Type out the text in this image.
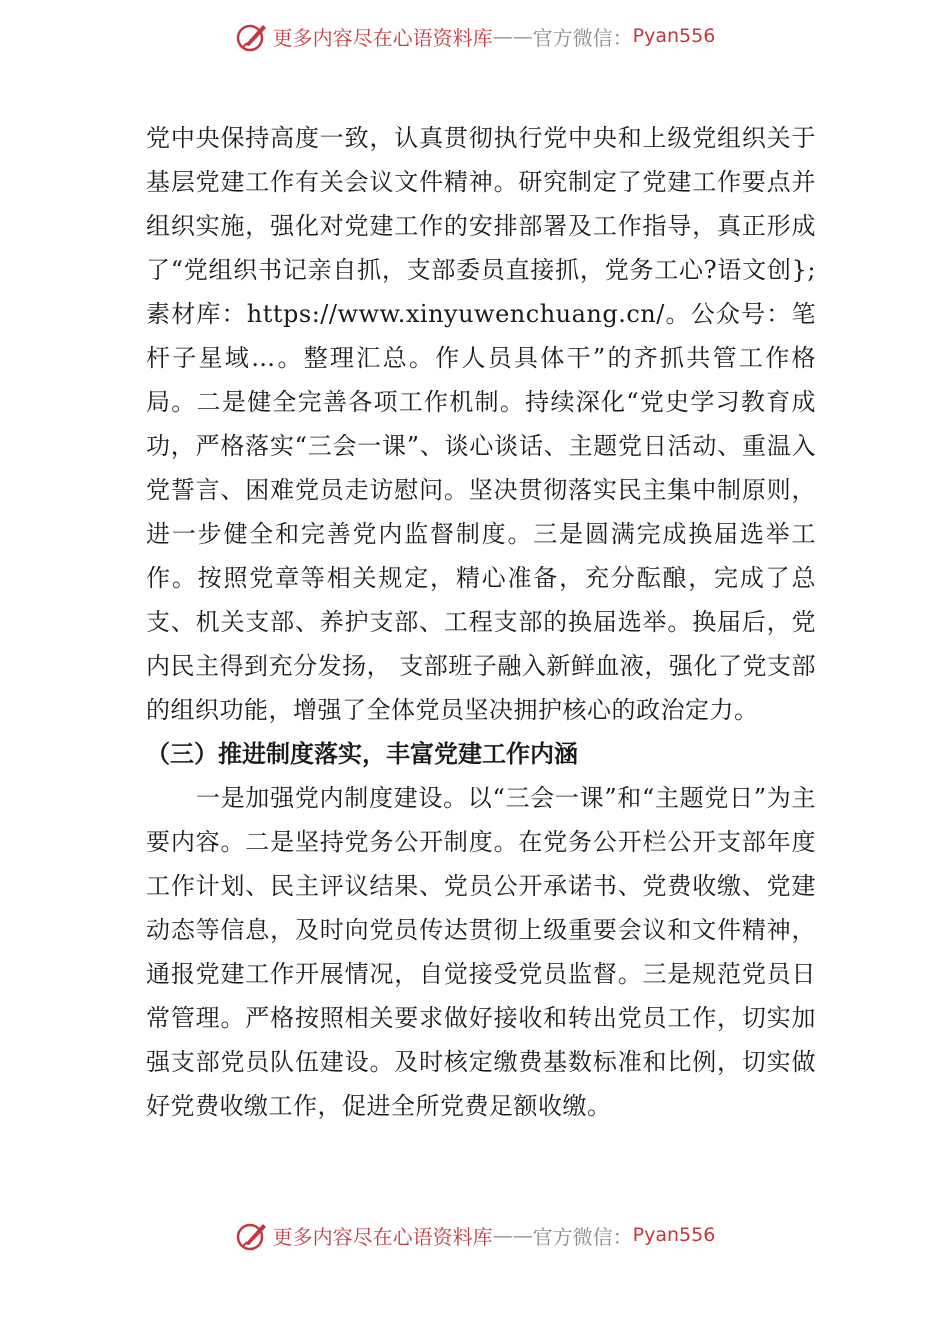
更多内容尽在心语资料库 —— 官方微信： Pyan556

党中央保持高度一致，认真贯彻执行党中央和上级党组织关于基层党建工作有关会议文件精神。研究制定了党建工作要点并组织实施，强化对党建工作的安排部署及工作指导，真正形成了“党组织书记亲自抓，支部委员直接抓，党务工心?语文创};素材库：https://www.xinyuwenchuang.cn/。公众号：笔杆子星域…。整理汇总。作人员具体干”的齐抓共管工作格局。二是健全完善各项工作机制。持续深化“党史学习教育成功，严格落实“三会一课”、谈心谈话、主题党日活动、重温入党誓言、困难党员走访慰问。坚决贯彻落实民主集中制原则，进一步健全和完善党内监督制度。三是圆满完成换届选举工作。按照党章等相关规定，精心准备，充分酝酿，完成了总支、机关支部、养护支部、工程支部的换届选举。换届后，党内民主得到充分发扬， 支部班子融入新鲜血液，强化了党支部的组织功能，增强了全体党员坚决拥护核心的政治定力。

（三）推进制度落实，丰富党建工作内涵

一是加强党内制度建设。以“三会一课”和“主题党日”为主要内容。二是坚持党务公开制度。在党务公开栏公开支部年度工作计划、民主评议结果、党员公开承诺书、党费收缴、党建动态等信息，及时向党员传达贯彻上级重要会议和文件精神，通报党建工作开展情况，自觉接受党员监督。三是规范党员日常管理。严格按照相关要求做好接收和转出党员工作，切实加强支部党员队伍建设。及时核定缴费基数标准和比例，切实做好党费收缴工作，促进全所党费足额收缴。

更多内容尽在心语资料库 —— 官方微信： Pyan556
